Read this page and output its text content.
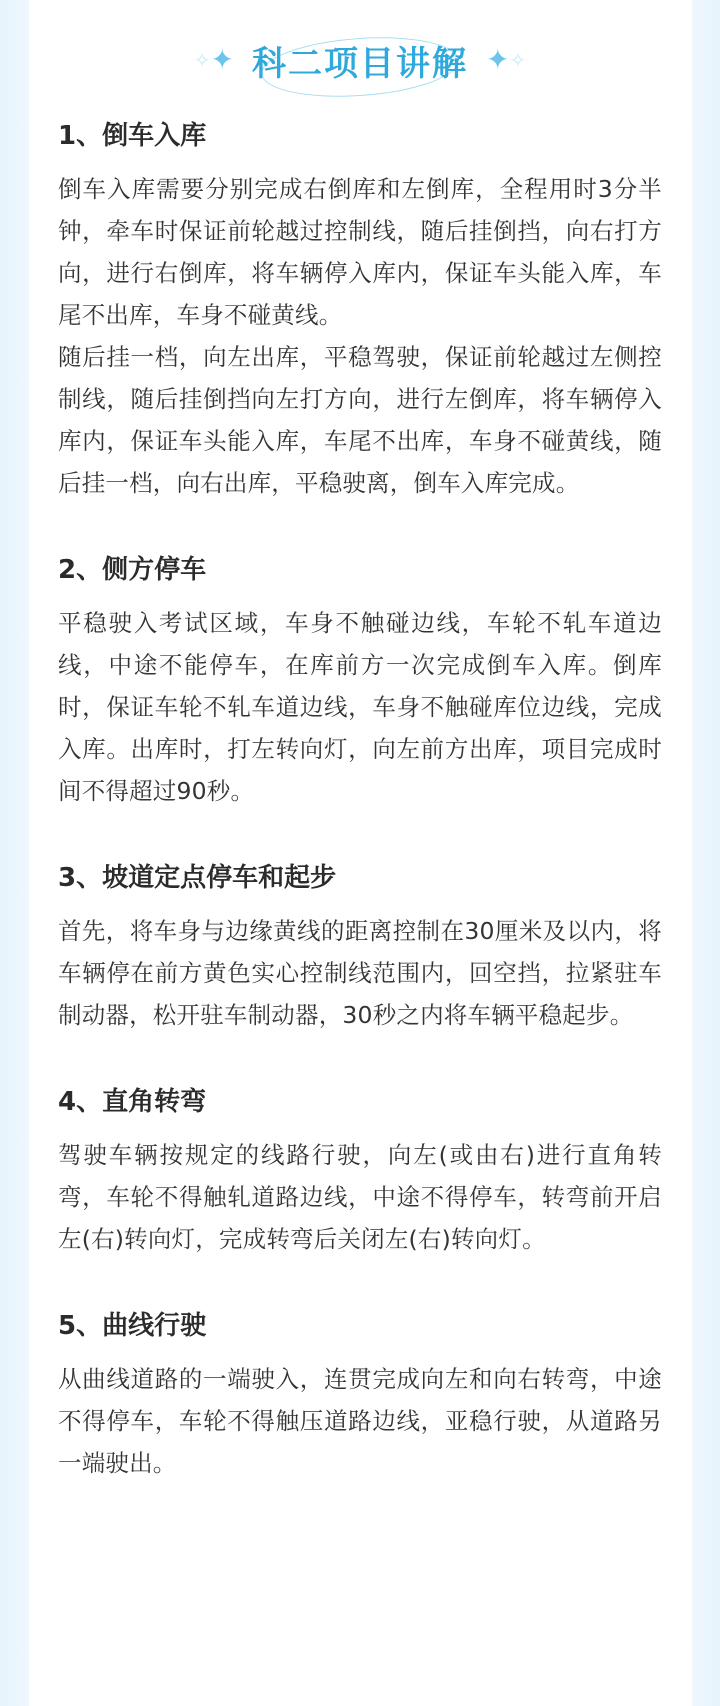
✧ ✦ 科二项目讲解 ✦ ✧
1、倒车入库
倒车入库需要分别完成右倒库和左倒库，全程用时3分半钟，牵车时保证前轮越过控制线，随后挂倒挡，向右打方向，进行右倒库，将车辆停入库内，保证车头能入库，车尾不出库，车身不碰黄线。
随后挂一档，向左出库，平稳驾驶，保证前轮越过左侧控制线，随后挂倒挡向左打方向，进行左倒库，将车辆停入库内，保证车头能入库，车尾不出库，车身不碰黄线，随后挂一档，向右出库，平稳驶离，倒车入库完成。
2、侧方停车
平稳驶入考试区域，车身不触碰边线，车轮不轧车道边线，中途不能停车，在库前方一次完成倒车入库。倒库时，保证车轮不轧车道边线，车身不触碰库位边线，完成入库。出库时，打左转向灯，向左前方出库，项目完成时间不得超过90秒。
3、坡道定点停车和起步
首先，将车身与边缘黄线的距离控制在30厘米及以内，将车辆停在前方黄色实心控制线范围内，回空挡，拉紧驻车制动器，松开驻车制动器，30秒之内将车辆平稳起步。
4、直角转弯
驾驶车辆按规定的线路行驶，向左(或由右)进行直角转弯，车轮不得触轧道路边线，中途不得停车，转弯前开启左(右)转向灯，完成转弯后关闭左(右)转向灯。
5、曲线行驶
从曲线道路的一端驶入，连贯完成向左和向右转弯，中途不得停车，车轮不得触压道路边线，亚稳行驶，从道路另一端驶出。
